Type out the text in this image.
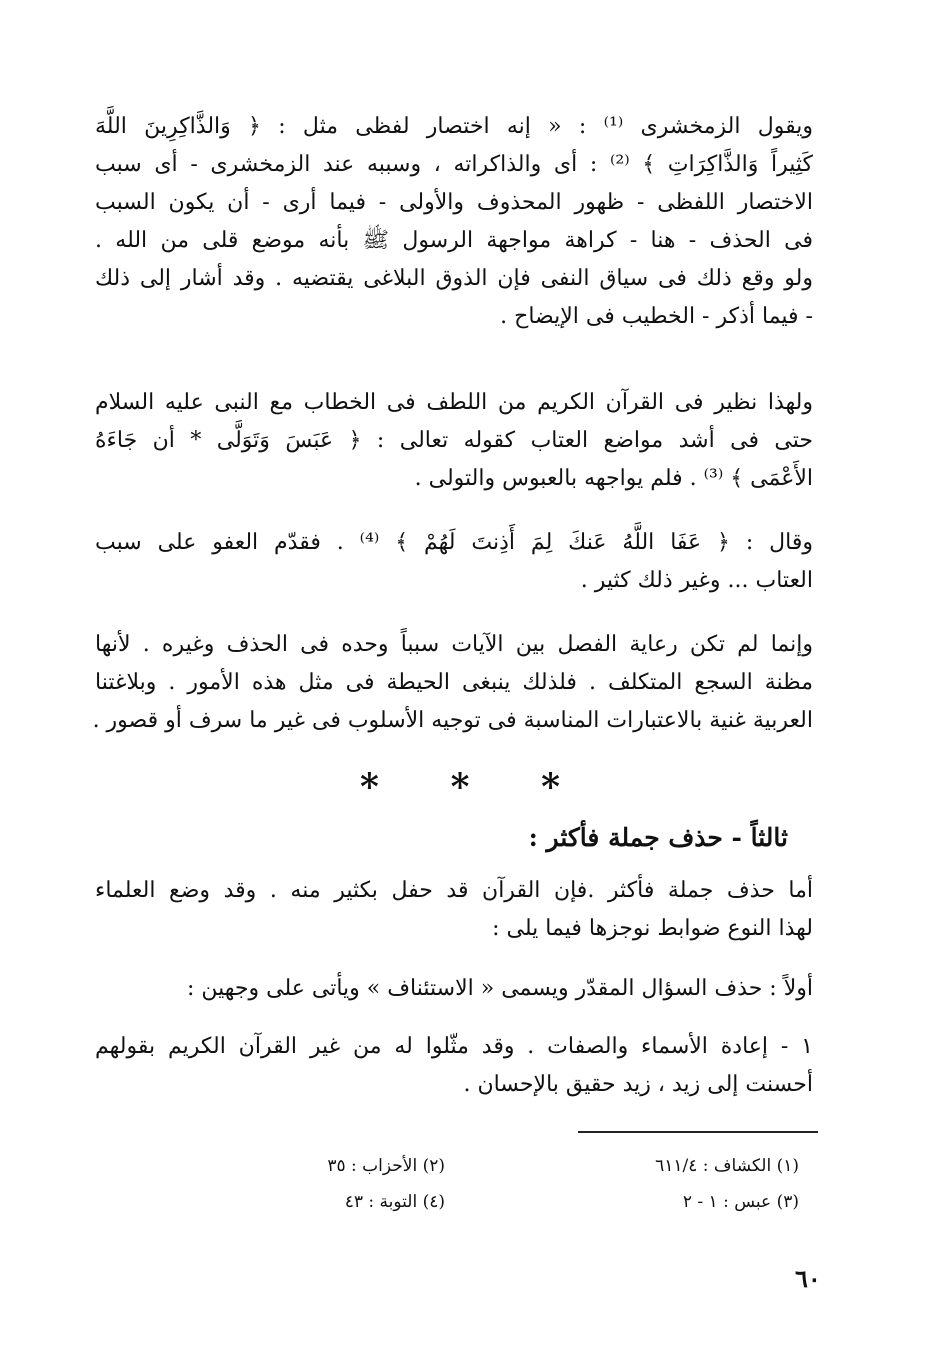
ويقول الزمخشرى ⁽¹⁾ : « إنه اختصار لفظى مثل : ﴿ وَالذَّاكِرِينَ اللَّهَ
كَثِيراً وَالذَّاكِرَاتِ ﴾ ⁽²⁾ : أى والذاكراته ، وسببه عند الزمخشرى - أى سبب
الاختصار اللفظى - ظهور المحذوف والأولى - فيما أرى - أن يكون السبب
فى الحذف - هنا - كراهة مواجهة الرسول ﷺ بأنه موضع قلى من الله .
ولو وقع ذلك فى سياق النفى فإن الذوق البلاغى يقتضيه . وقد أشار إلى ذلك
- فيما أذكر - الخطيب فى الإيضاح .
ولهذا نظير فى القرآن الكريم من اللطف فى الخطاب مع النبى عليه السلام
حتى فى أشد مواضع العتاب كقوله تعالى : ﴿ عَبَسَ وَتَوَلَّى * أن جَاءَهُ
الأَعْمَى ﴾ ⁽³⁾ . فلم يواجهه بالعبوس والتولى .
وقال : ﴿ عَفَا اللَّهُ عَنكَ لِمَ أَذِنتَ لَهُمْ ﴾ ⁽⁴⁾ . فقدّم العفو على سبب
العتاب ... وغير ذلك كثير .
وإنما لم تكن رعاية الفصل بين الآيات سبباً وحده فى الحذف وغيره . لأنها
مظنة السجع المتكلف . فلذلك ينبغى الحيطة فى مثل هذه الأمور . وبلاغتنا
العربية غنية بالاعتبارات المناسبة فى توجيه الأسلوب فى غير ما سرف أو قصور .
* * *
ثالثاً - حذف جملة فأكثر :
أما حذف جملة فأكثر .فإن القرآن قد حفل بكثير منه . وقد وضع العلماء
لهذا النوع ضوابط نوجزها فيما يلى :
أولاً : حذف السؤال المقدّر ويسمى « الاستئناف » ويأتى على وجهين :
١ - إعادة الأسماء والصفات . وقد مثّلوا له من غير القرآن الكريم بقولهم
أحسنت إلى زيد ، زيد حقيق بالإحسان .
(١) الكشاف : ٦١١/٤
(٢) الأحزاب : ٣٥
(٣) عبس : ١ - ٢
(٤) التوبة : ٤٣
٦٠
